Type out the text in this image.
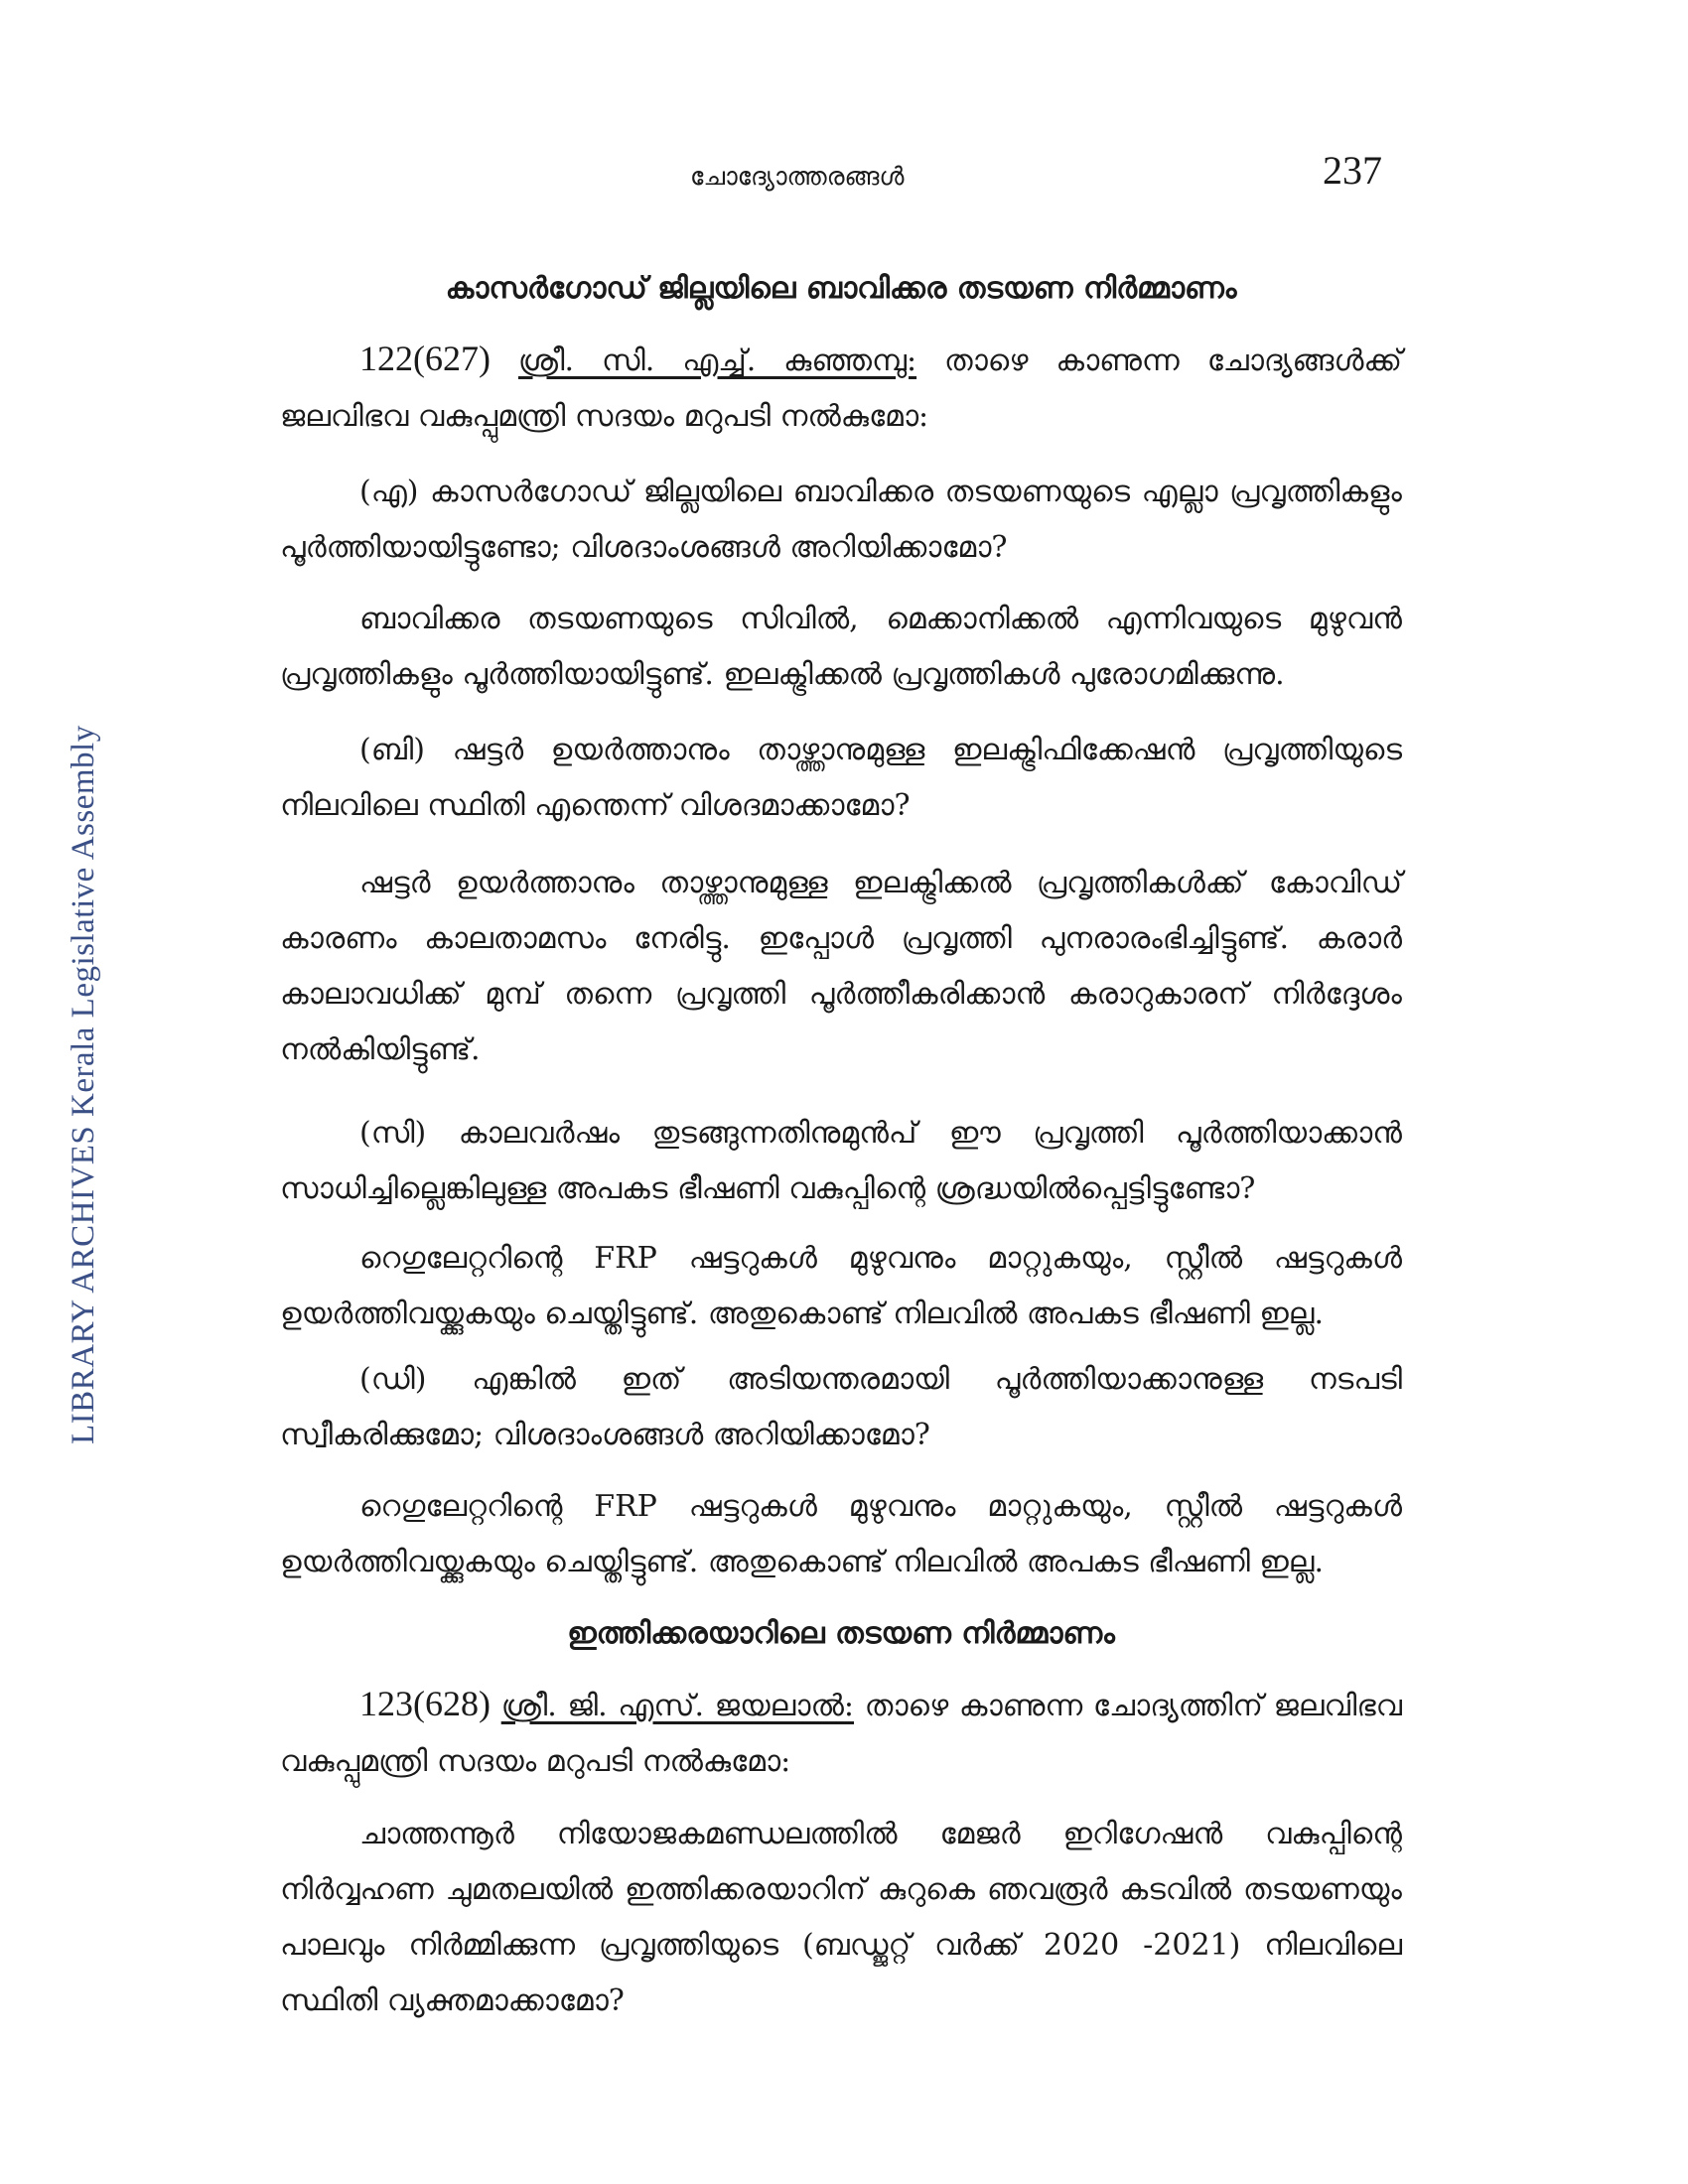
ചോദ്യോത്തരങ്ങൾ	237
LIBRARY ARCHIVES Kerala Legislative Assembly
കാസർഗോഡ് ജില്ലയിലെ ബാവിക്കര തടയണ നിർമ്മാണം
122(627) ശ്രീ. സി. എച്ച്. കുഞ്ഞമ്പു: താഴെ കാണുന്ന ചോദ്യങ്ങൾക്ക് ജലവിഭവ വകുപ്പുമന്ത്രി സദയം മറുപടി നൽകുമോ:
(എ) കാസർഗോഡ് ജില്ലയിലെ ബാവിക്കര തടയണയുടെ എല്ലാ പ്രവൃത്തികളും പൂർത്തിയായിട്ടുണ്ടോ; വിശദാംശങ്ങൾ അറിയിക്കാമോ?
ബാവിക്കര തടയണയുടെ സിവിൽ, മെക്കാനിക്കൽ എന്നിവയുടെ മുഴുവൻ പ്രവൃത്തികളും പൂർത്തിയായിട്ടുണ്ട്. ഇലക്ട്രിക്കൽ പ്രവൃത്തികൾ പുരോഗമിക്കുന്നു.
(ബി) ഷട്ടർ ഉയർത്താനും താഴ്ത്താനുമുള്ള ഇലക്ട്രിഫിക്കേഷൻ പ്രവൃത്തിയുടെ നിലവിലെ സ്ഥിതി എന്തെന്ന് വിശദമാക്കാമോ?
ഷട്ടർ ഉയർത്താനും താഴ്ത്താനുമുള്ള ഇലക്ട്രിക്കൽ പ്രവൃത്തികൾക്ക് കോവിഡ് കാരണം കാലതാമസം നേരിട്ടു. ഇപ്പോൾ പ്രവൃത്തി പുനരാരംഭിച്ചിട്ടുണ്ട്. കരാർ കാലാവധിക്ക് മുമ്പ് തന്നെ പ്രവൃത്തി പൂർത്തീകരിക്കാൻ കരാറുകാരന് നിർദ്ദേശം നൽകിയിട്ടുണ്ട്.
(സി) കാലവർഷം തുടങ്ങുന്നതിനുമുൻപ് ഈ പ്രവൃത്തി പൂർത്തിയാക്കാൻ സാധിച്ചില്ലെങ്കിലുള്ള അപകട ഭീഷണി വകുപ്പിന്റെ ശ്രദ്ധയിൽപ്പെട്ടിട്ടുണ്ടോ?
റെഗുലേറ്ററിന്റെ FRP ഷട്ടറുകൾ മുഴുവനും മാറ്റുകയും, സ്റ്റീൽ ഷട്ടറുകൾ ഉയർത്തിവയ്ക്കുകയും ചെയ്തിട്ടുണ്ട്. അതുകൊണ്ട് നിലവിൽ അപകട ഭീഷണി ഇല്ല.
(ഡി) എങ്കിൽ ഇത് അടിയന്തരമായി പൂർത്തിയാക്കാനുള്ള നടപടി സ്വീകരിക്കുമോ; വിശദാംശങ്ങൾ അറിയിക്കാമോ?
റെഗുലേറ്ററിന്റെ FRP ഷട്ടറുകൾ മുഴുവനും മാറ്റുകയും, സ്റ്റീൽ ഷട്ടറുകൾ ഉയർത്തിവയ്ക്കുകയും ചെയ്തിട്ടുണ്ട്. അതുകൊണ്ട് നിലവിൽ അപകട ഭീഷണി ഇല്ല.
ഇത്തിക്കരയാറിലെ തടയണ നിർമ്മാണം
123(628) ശ്രീ. ജി. എസ്. ജയലാൽ: താഴെ കാണുന്ന ചോദ്യത്തിന് ജലവിഭവ വകുപ്പുമന്ത്രി സദയം മറുപടി നൽകുമോ:
ചാത്തന്നൂർ നിയോജകമണ്ഡലത്തിൽ മേജർ ഇറിഗേഷൻ വകുപ്പിന്റെ നിർവ്വഹണ ചുമതലയിൽ ഇത്തിക്കരയാറിന് കുറുകെ ഞവരൂർ കടവിൽ തടയണയും പാലവും നിർമ്മിക്കുന്ന പ്രവൃത്തിയുടെ (ബഡ്ജറ്റ് വർക്ക് 2020 -2021) നിലവിലെ സ്ഥിതി വ്യക്തമാക്കാമോ?
